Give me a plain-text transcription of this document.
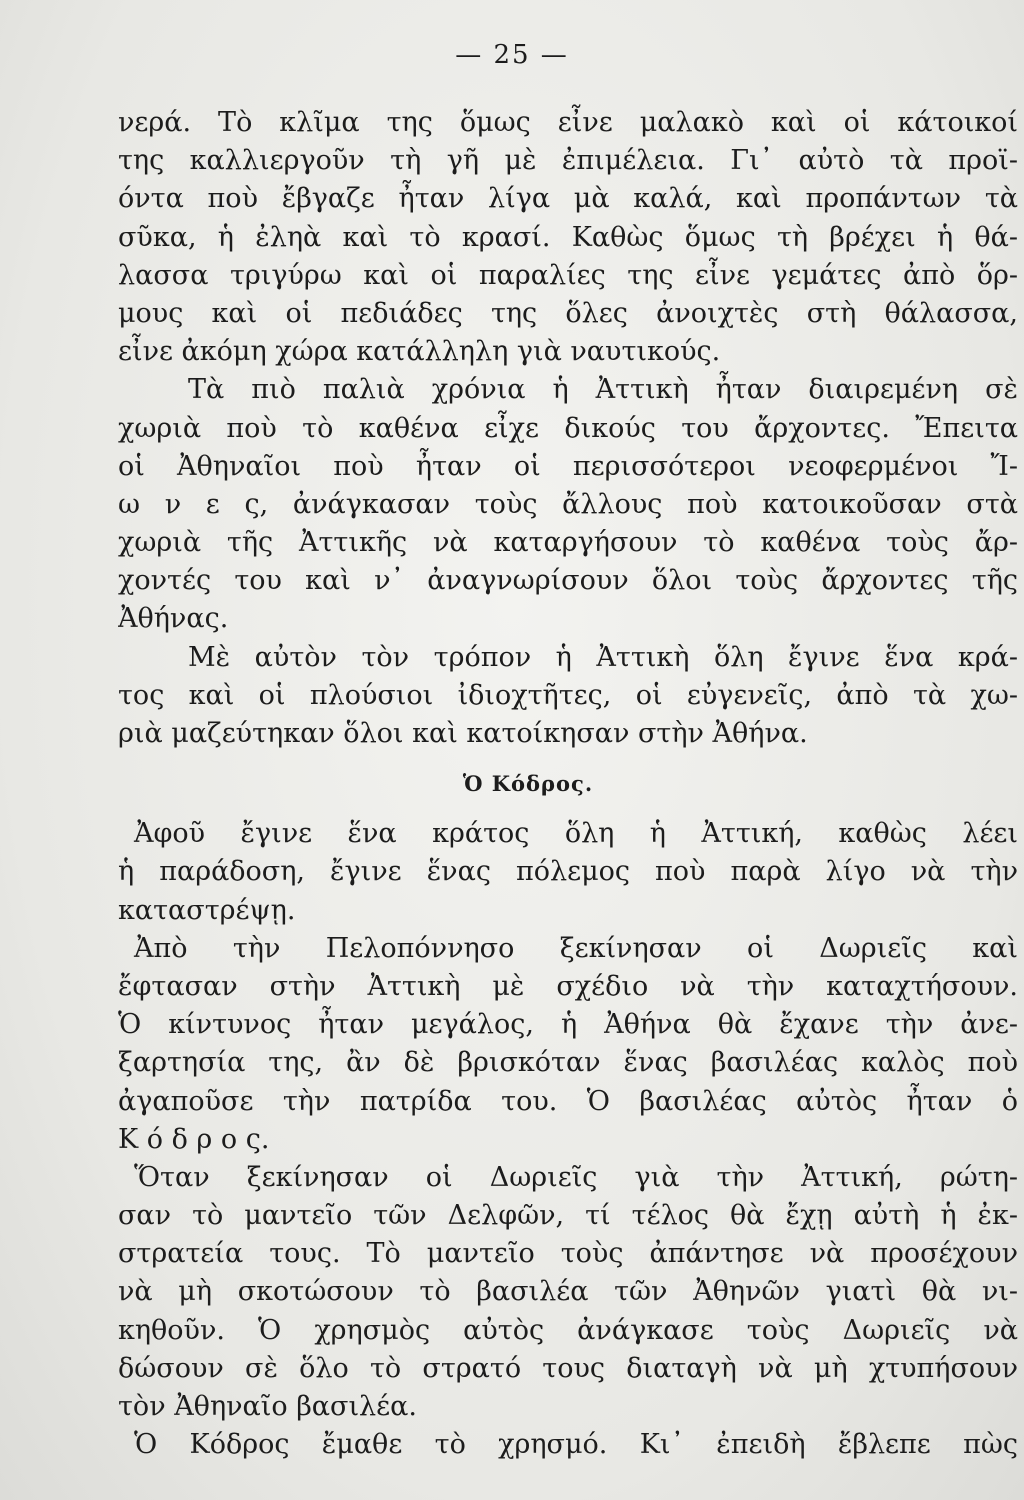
— 25 —
νερά. Τὸ κλῖμα της ὅμως εἶνε μαλακὸ καὶ οἱ κάτοικοί
της καλλιεργοῦν τὴ γῆ μὲ ἐπιμέλεια. Γι᾽ αὐτὸ τὰ προϊ-
όντα ποὺ ἔβγαζε ἦταν λίγα μὰ καλά, καὶ προπάντων τὰ
σῦκα, ἡ ἐληὰ καὶ τὸ κρασί. Καθὼς ὅμως τὴ βρέχει ἡ θά-
λασσα τριγύρω καὶ οἱ παραλίες της εἶνε γεμάτες ἀπὸ ὅρ-
μους καὶ οἱ πεδιάδες της ὅλες ἀνοιχτὲς στὴ θάλασσα,
εἶνε ἀκόμη χώρα κατάλληλη γιὰ ναυτικούς.
Τὰ πιὸ παλιὰ χρόνια ἡ Ἀττικὴ ἦταν διαιρεμένη σὲ
χωριὰ ποὺ τὸ καθένα εἶχε δικούς του ἄρχοντες. Ἔπειτα
οἱ Ἀθηναῖοι ποὺ ἦταν οἱ περισσότεροι νεοφερμένοι Ἴ-
ω ν ε ς, ἀνάγκασαν τοὺς ἄλλους ποὺ κατοικοῦσαν στὰ
χωριὰ τῆς Ἀττικῆς νὰ καταργήσουν τὸ καθένα τοὺς ἄρ-
χοντές του καὶ ν᾽ ἀναγνωρίσουν ὅλοι τοὺς ἄρχοντες τῆς
Ἀθήνας.
Μὲ αὐτὸν τὸν τρόπον ἡ Ἀττικὴ ὅλη ἔγινε ἕνα κρά-
τος καὶ οἱ πλούσιοι ἰδιοχτῆτες, οἱ εὐγενεῖς, ἀπὸ τὰ χω-
ριὰ μαζεύτηκαν ὅλοι καὶ κατοίκησαν στὴν Ἀθήνα.
Ὁ Κόδρος.
Ἀφοῦ ἔγινε ἕνα κράτος ὅλη ἡ Ἀττική, καθὼς λέει
ἡ παράδοση, ἔγινε ἕνας πόλεμος ποὺ παρὰ λίγο νὰ τὴν
καταστρέψῃ.
Ἀπὸ τὴν Πελοπόννησο ξεκίνησαν οἱ Δωριεῖς καὶ
ἔφτασαν στὴν Ἀττικὴ μὲ σχέδιο νὰ τὴν καταχτήσουν.
Ὁ κίντυνος ἦταν μεγάλος, ἡ Ἀθήνα θὰ ἔχανε τὴν ἀνε-
ξαρτησία της, ἂν δὲ βρισκόταν ἕνας βασιλέας καλὸς ποὺ
ἀγαποῦσε τὴν πατρίδα του. Ὁ βασιλέας αὐτὸς ἦταν ὁ
Κ ό δ ρ ο ς.
Ὅταν ξεκίνησαν οἱ Δωριεῖς γιὰ τὴν Ἀττική, ρώτη-
σαν τὸ μαντεῖο τῶν Δελφῶν, τί τέλος θὰ ἔχῃ αὐτὴ ἡ ἐκ-
στρατεία τους. Τὸ μαντεῖο τοὺς ἀπάντησε νὰ προσέχουν
νὰ μὴ σκοτώσουν τὸ βασιλέα τῶν Ἀθηνῶν γιατὶ θὰ νι-
κηθοῦν. Ὁ χρησμὸς αὐτὸς ἀνάγκασε τοὺς Δωριεῖς νὰ
δώσουν σὲ ὅλο τὸ στρατό τους διαταγὴ νὰ μὴ χτυπήσουν
τὸν Ἀθηναῖο βασιλέα.
Ὁ Κόδρος ἔμαθε τὸ χρησμό. Κι᾽ ἐπειδὴ ἔβλεπε πὼς
